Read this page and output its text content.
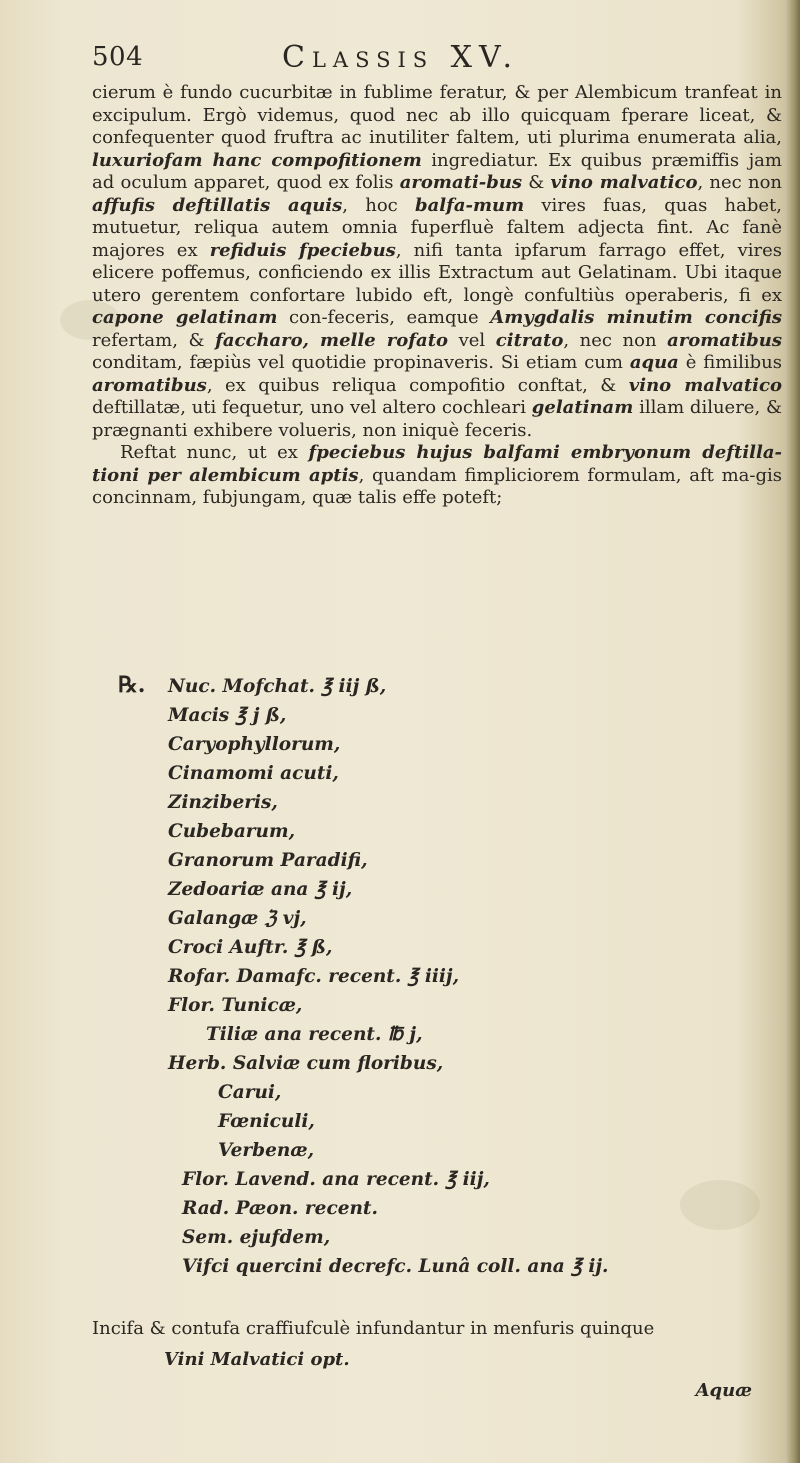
504	Classis XV.

cierum è fundo cucurbitæ in fublime feratur, & per Alembicum tranfeat in excipulum. Ergò videmus, quod nec ab illo quicquam fperare liceat, & confequenter quod fruftra ac inutiliter faltem, uti plurima enumerata alia, luxuriofam hanc compofitionem ingrediatur. Ex quibus præmiffis jam ad oculum apparet, quod ex folis aromati-bus & vino malvatico, nec non affufis deftillatis aquis, hoc balfa-mum vires fuas, quas habet, mutuetur, reliqua autem omnia fuperfluè faltem adjecta fint. Ac fanè majores ex refiduis fpeciebus, nifi tanta ipfarum farrago effet, vires elicere poffemus, conficiendo ex illis Extractum aut Gelatinam. Ubi itaque utero gerentem confortare lubido eft, longè confultiùs operaberis, fi ex capone gelatinam con-feceris, eamque Amygdalis minutim concifis refertam, & faccharo, melle rofato vel citrato, nec non aromatibus conditam, fæpiùs vel quotidie propinaveris. Si etiam cum aqua è fimilibus aromatibus, ex quibus reliqua compofitio conftat, & vino malvatico deftillatæ, uti fequetur, uno vel altero cochleari gelatinam illam diluere, & prægnanti exhibere volueris, non iniquè feceris.

Reftat nunc, ut ex fpeciebus hujus balfami embryonum deftilla-tioni per alembicum aptis, quandam fimpliciorem formulam, aft ma-gis concinnam, fubjungam, quæ talis effe poteft;

℞. Nuc. Mofchat. ℥ iij ß,
Macis ℥ j ß,
Caryophyllorum,
Cinamomi acuti,
Zinziberis,
Cubebarum,
Granorum Paradifi,
Zedoariæ ana ℥ ij,
Galangæ ℨ vj,
Croci Auftr. ℥ ß,
Rofar. Damafc. recent. ℥ iiij,
Flor. Tunicæ,
Tiliæ ana recent. ℔ j,
Herb. Salviæ cum floribus,
Carui,
Fœniculi,
Verbenæ,
Flor. Lavend. ana recent. ℥ iij,
Rad. Pæon. recent.
Sem. ejufdem,
Vifci quercini decrefc. Lunâ coll. ana ℥ ij.
Incifa & contufa craffiufculè infundantur in menfuris quinque
Vini Malvatici opt.
Aquæ
